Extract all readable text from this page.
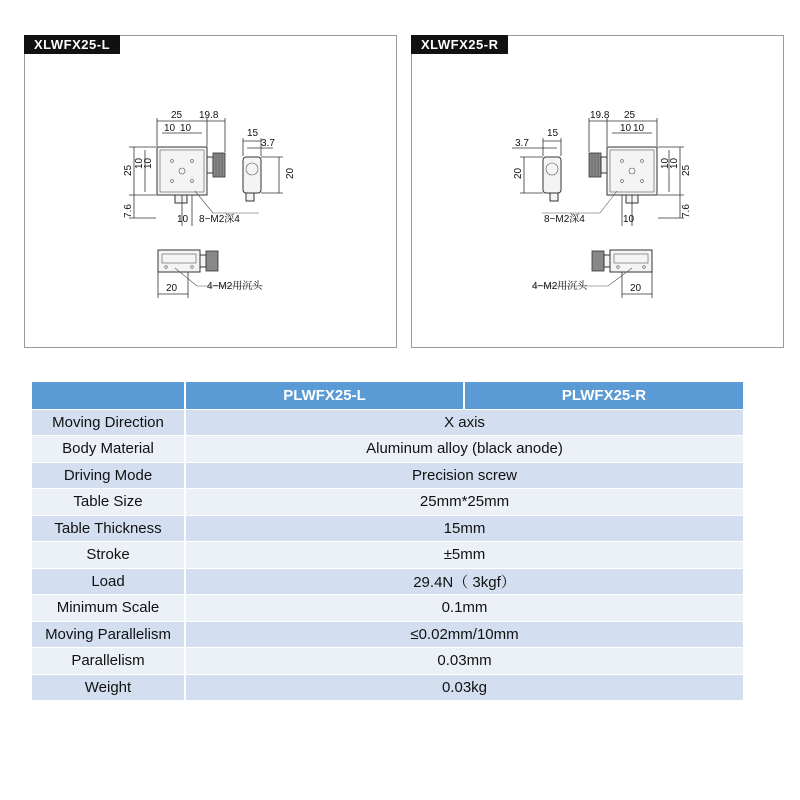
XLWFX25-L
25 19.8
10 10
25
10
10
7.6
10
15
3.7
20
8−M2深4
20	4−M2用沉头
XLWFX25-R
15
3.7
20
19.8 25
10 10
25
10
10
7.6
10
8−M2深4
20
4−M2用沉头
	PLWFX25-L	PLWFX25-R
Moving Direction	X axis	
Body Material	Aluminum alloy (black anode)	
Driving Mode	Precision screw	
Table Size	25mm*25mm	
Table Thickness	15mm	
Stroke	±5mm	
Load	29.4N（ 3kgf）	
Minimum Scale	0.1mm	
Moving Parallelism	≤0.02mm/10mm	
Parallelism	0.03mm	
Weight	0.03kg	
